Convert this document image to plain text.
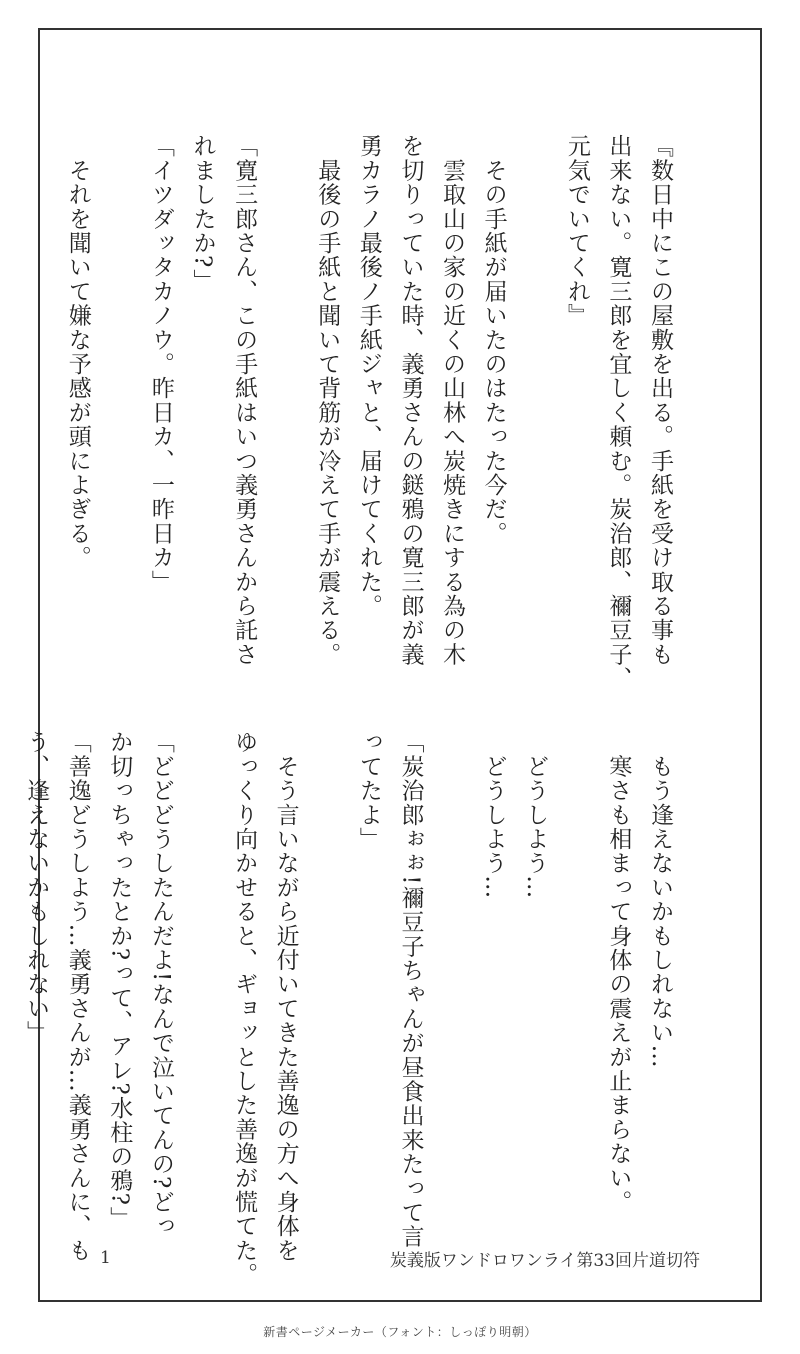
『数日中にこの屋敷を出る。手紙を受け取る事も
出来ない。寛三郎を宜しく頼む。炭治郎、禰豆子、
元気でいてくれ』

　その手紙が届いたのはたった今だ。
　雲取山の家の近くの山林へ炭焼きにする為の木
を切りっていた時、義勇さんの鎹鴉の寛三郎が義
勇カラノ最後ノ手紙ジャと、届けてくれた。
　最後の手紙と聞いて背筋が冷えて手が震える。

「寛三郎さん、この手紙はいつ義勇さんから託さ
れましたか?」
「イツダッタカノウ。昨日カ、一昨日カ」

　それを聞いて嫌な予感が頭によぎる。
　もう逢えないかもしれない…
　寒さも相まって身体の震えが止まらない。

　どうしよう…
　どうしよう…

「炭治郎ぉぉ!禰豆子ちゃんが昼食出来たって言
ってたよ」

　そう言いながら近付いてきた善逸の方へ身体を
ゆっくり向かせると、ギョッとした善逸が慌てた。

「どどどうしたんだよ!なんで泣いてんの?どっ
か切っちゃったとか?って、アレ?水柱の鴉?」
「善逸どうしよう…義勇さんが…義勇さんに、も
う、逢えないかもしれない」
1	炭義版ワンドロワンライ第33回片道切符
新書ページメーカー（フォント：しっぽり明朝）
